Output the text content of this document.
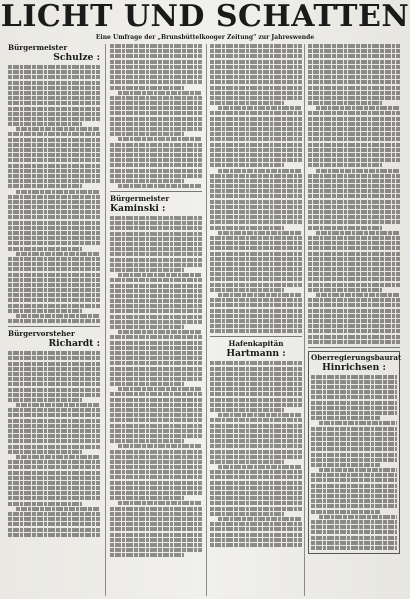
LICHT UND SCHATTEN
Eine Umfrage der „Brunsbüttelkooger Zeitung" zur Jahreswende

Bürgermeister

Schulze :

Bürgervorsteher

Richardt :

Bürgermeister

Kaminski :

Hafenkapitän

Hartmann :	Oberregierungsbaurat

Hinrichsen :
